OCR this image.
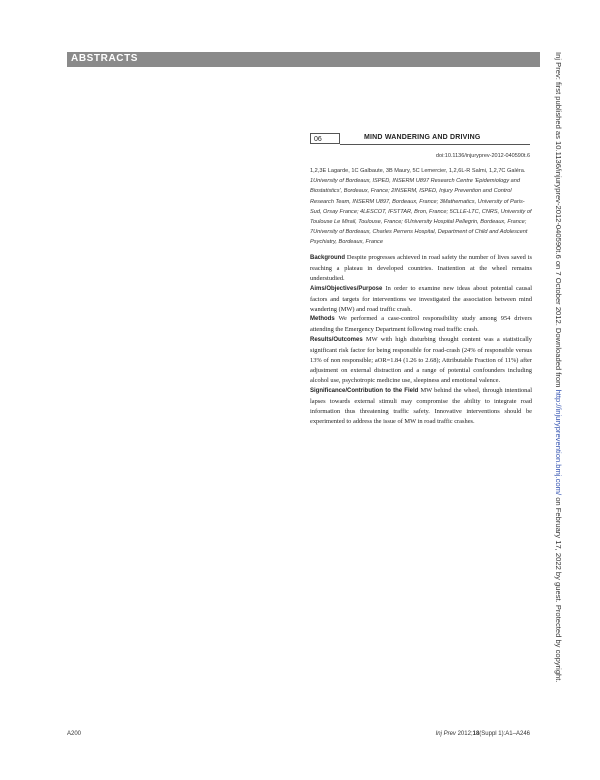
ABSTRACTS
06	MIND WANDERING AND DRIVING
doi:10.1136/injuryprev-2012-040590t.6
1,2,3E Lagarde, 1C Galbaute, 3B Maury, 5C Lemercier, 1,2,6L-R Salmi, 1,2,7C Galéra. 1University of Bordeaux, ISPED, INSERM U897 Research Centre 'Epidemiology and Biostatistics', Bordeaux, France; 2INSERM, ISPED, Injury Prevention and Control Research Team, INSERM U897, Bordeaux, France; 3Mathematics, University of Paris-Sud, Orsay France; 4LESCOT, IFSTTAR, Bron, France; 5CLLE-LTC, CNRS, University of Toulouse Le Mirail, Toulouse, France; 6University Hospital Pellegrin, Bordeaux, France; 7University of Bordeaux, Charles Perrens Hospital, Department of Child and Adolescent Psychiatry, Bordeaux, France

Background Despite progresses achieved in road safety the number of lives saved is reaching a plateau in developed countries. Inattention at the wheel remains understudied.

Aims/Objectives/Purpose In order to examine new ideas about potential causal factors and targets for interventions we investigated the association between mind wandering (MW) and road traffic crash.

Methods We performed a case-control responsibility study among 954 drivers attending the Emergency Department following road traffic crash.

Results/Outcomes MW with high disturbing thought content was a statistically significant risk factor for being responsible for road-crash (24% of responsible versus 13% of non responsible; aOR=1.84 (1.26 to 2.68); Attributable Fraction of 11%) after adjustment on external distraction and a range of potential confounders including alcohol use, psychotropic medicine use, sleepiness and emotional valence.

Significance/Contribution to the Field MW behind the wheel, through intentional lapses towards external stimuli may compromise the ability to integrate road information thus threatening traffic safety. Innovative interventions should be experimented to address the issue of MW in road traffic crashes.

Inj Prev: first published as 10.1136/injuryprev-2012-040590t.6 on 7 October 2012. Downloaded from http://injuryprevention.bmj.com/ on February 17, 2022 by guest. Protected by copyright.
A200	Inj Prev 2012;18(Suppl 1):A1–A246
